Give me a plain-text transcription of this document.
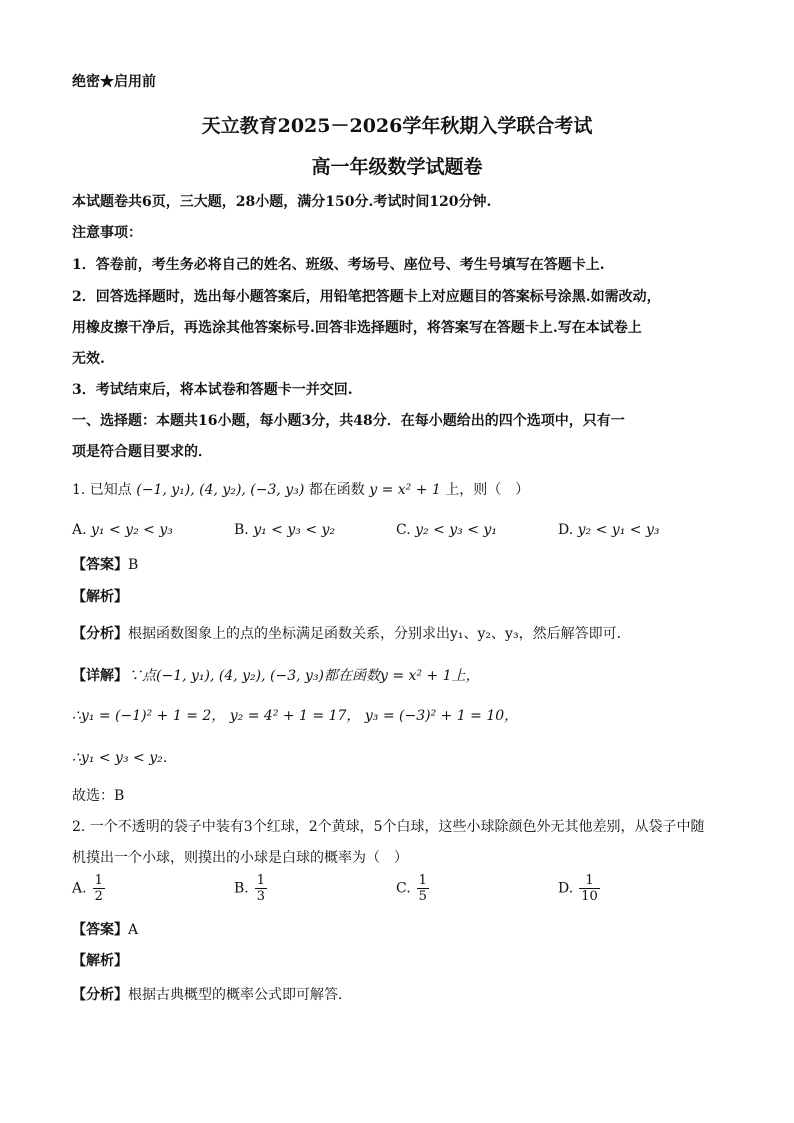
绝密★启用前
天立教育2025－2026学年秋期入学联合考试
高一年级数学试题卷
本试题卷共6页，三大题，28小题，满分150分.考试时间120分钟.
注意事项：
1．答卷前，考生务必将自己的姓名、班级、考场号、座位号、考生号填写在答题卡上.
2．回答选择题时，选出每小题答案后，用铅笔把答题卡上对应题目的答案标号涂黑.如需改动，
用橡皮擦干净后，再选涂其他答案标号.回答非选择题时，将答案写在答题卡上.写在本试卷上
无效.
3．考试结束后，将本试卷和答题卡一并交回.
一、选择题：本题共16小题，每小题3分，共48分．在每小题给出的四个选项中，只有一
项是符合题目要求的．
1. 已知点 (−1, y₁), (4, y₂), (−3, y₃) 都在函数 y = x² + 1 上，则（　）
A. y₁ < y₂ < y₃	B. y₁ < y₃ < y₂	C. y₂ < y₃ < y₁	D. y₂ < y₁ < y₃
【答案】B
【解析】
【分析】根据函数图象上的点的坐标满足函数关系，分别求出y₁、y₂、y₃，然后解答即可．
【详解】∵点(−1, y₁), (4, y₂), (−3, y₃)都在函数y = x² + 1上，
∴y₁ = (−1)² + 1 = 2， y₂ = 4² + 1 = 17， y₃ = (−3)² + 1 = 10，
∴y₁ < y₃ < y₂．
故选：B
2. 一个不透明的袋子中装有3个红球，2个黄球，5个白球，这些小球除颜色外无其他差别，从袋子中随
机摸出一个小球，则摸出的小球是白球的概率为（　）
A. $\frac{1}{2}$	B. $\frac{1}{3}$	C. $\frac{1}{5}$	D. $\frac{1}{10}$
【答案】A
【解析】
【分析】根据古典概型的概率公式即可解答．
